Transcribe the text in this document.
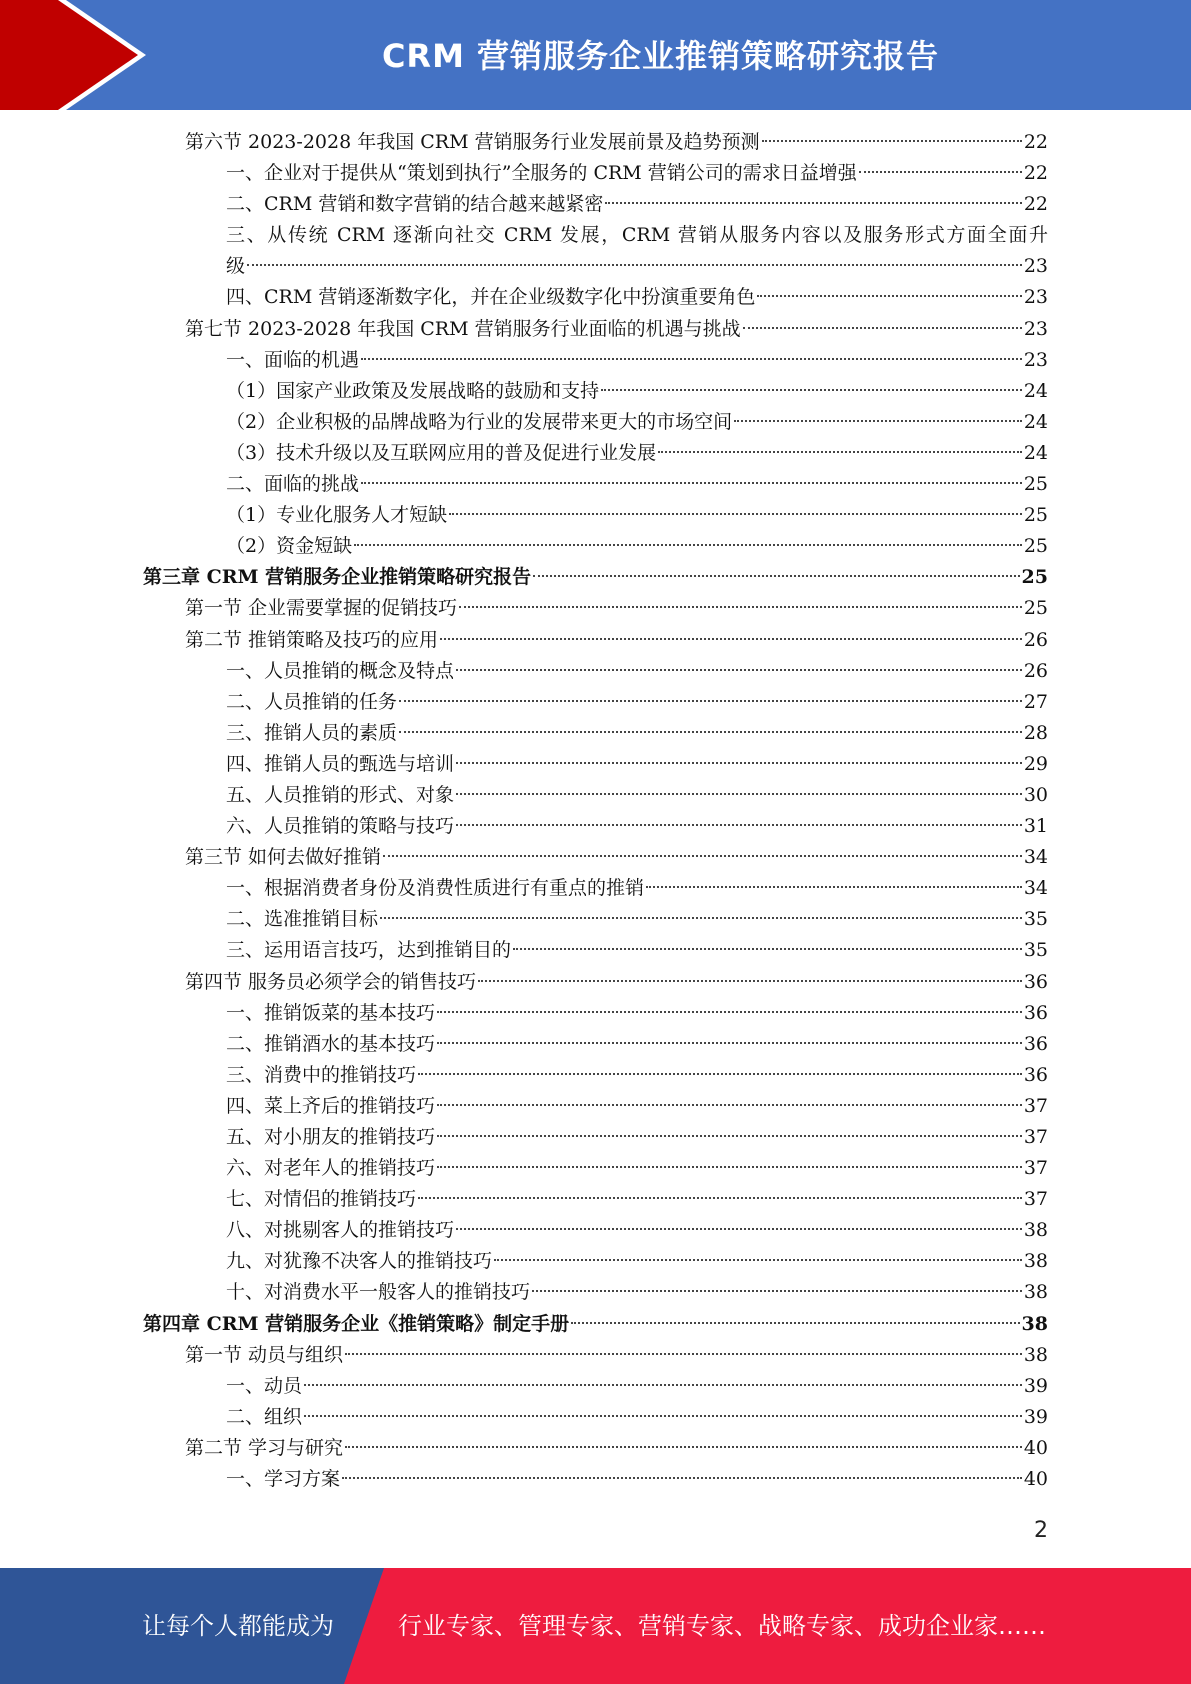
CRM 营销服务企业推销策略研究报告
第六节 2023-2028 年我国 CRM 营销服务行业发展前景及趋势预测	22
一、企业对于提供从“策划到执行”全服务的 CRM 营销公司的需求日益增强	22
二、CRM 营销和数字营销的结合越来越紧密	22
三、从传统 CRM 逐渐向社交 CRM 发展，CRM 营销从服务内容以及服务形式方面全面升
级	23
四、CRM 营销逐渐数字化，并在企业级数字化中扮演重要角色	23
第七节 2023-2028 年我国 CRM 营销服务行业面临的机遇与挑战	23
一、面临的机遇	23
（1）国家产业政策及发展战略的鼓励和支持	24
（2）企业积极的品牌战略为行业的发展带来更大的市场空间	24
（3）技术升级以及互联网应用的普及促进行业发展	24
二、面临的挑战	25
（1）专业化服务人才短缺	25
（2）资金短缺	25
第三章 CRM 营销服务企业推销策略研究报告	25
第一节 企业需要掌握的促销技巧	25
第二节 推销策略及技巧的应用	26
一、人员推销的概念及特点	26
二、人员推销的任务	27
三、推销人员的素质	28
四、推销人员的甄选与培训	29
五、人员推销的形式、对象	30
六、人员推销的策略与技巧	31
第三节 如何去做好推销	34
一、根据消费者身份及消费性质进行有重点的推销	34
二、选准推销目标	35
三、运用语言技巧，达到推销目的	35
第四节 服务员必须学会的销售技巧	36
一、推销饭菜的基本技巧	36
二、推销酒水的基本技巧	36
三、消费中的推销技巧	36
四、菜上齐后的推销技巧	37
五、对小朋友的推销技巧	37
六、对老年人的推销技巧	37
七、对情侣的推销技巧	37
八、对挑剔客人的推销技巧	38
九、对犹豫不决客人的推销技巧	38
十、对消费水平一般客人的推销技巧	38
第四章 CRM 营销服务企业《推销策略》制定手册	38
第一节 动员与组织	38
一、动员	39
二、组织	39
第二节 学习与研究	40
一、学习方案	40
2
让每个人都能成为	行业专家、管理专家、营销专家、战略专家、成功企业家……
